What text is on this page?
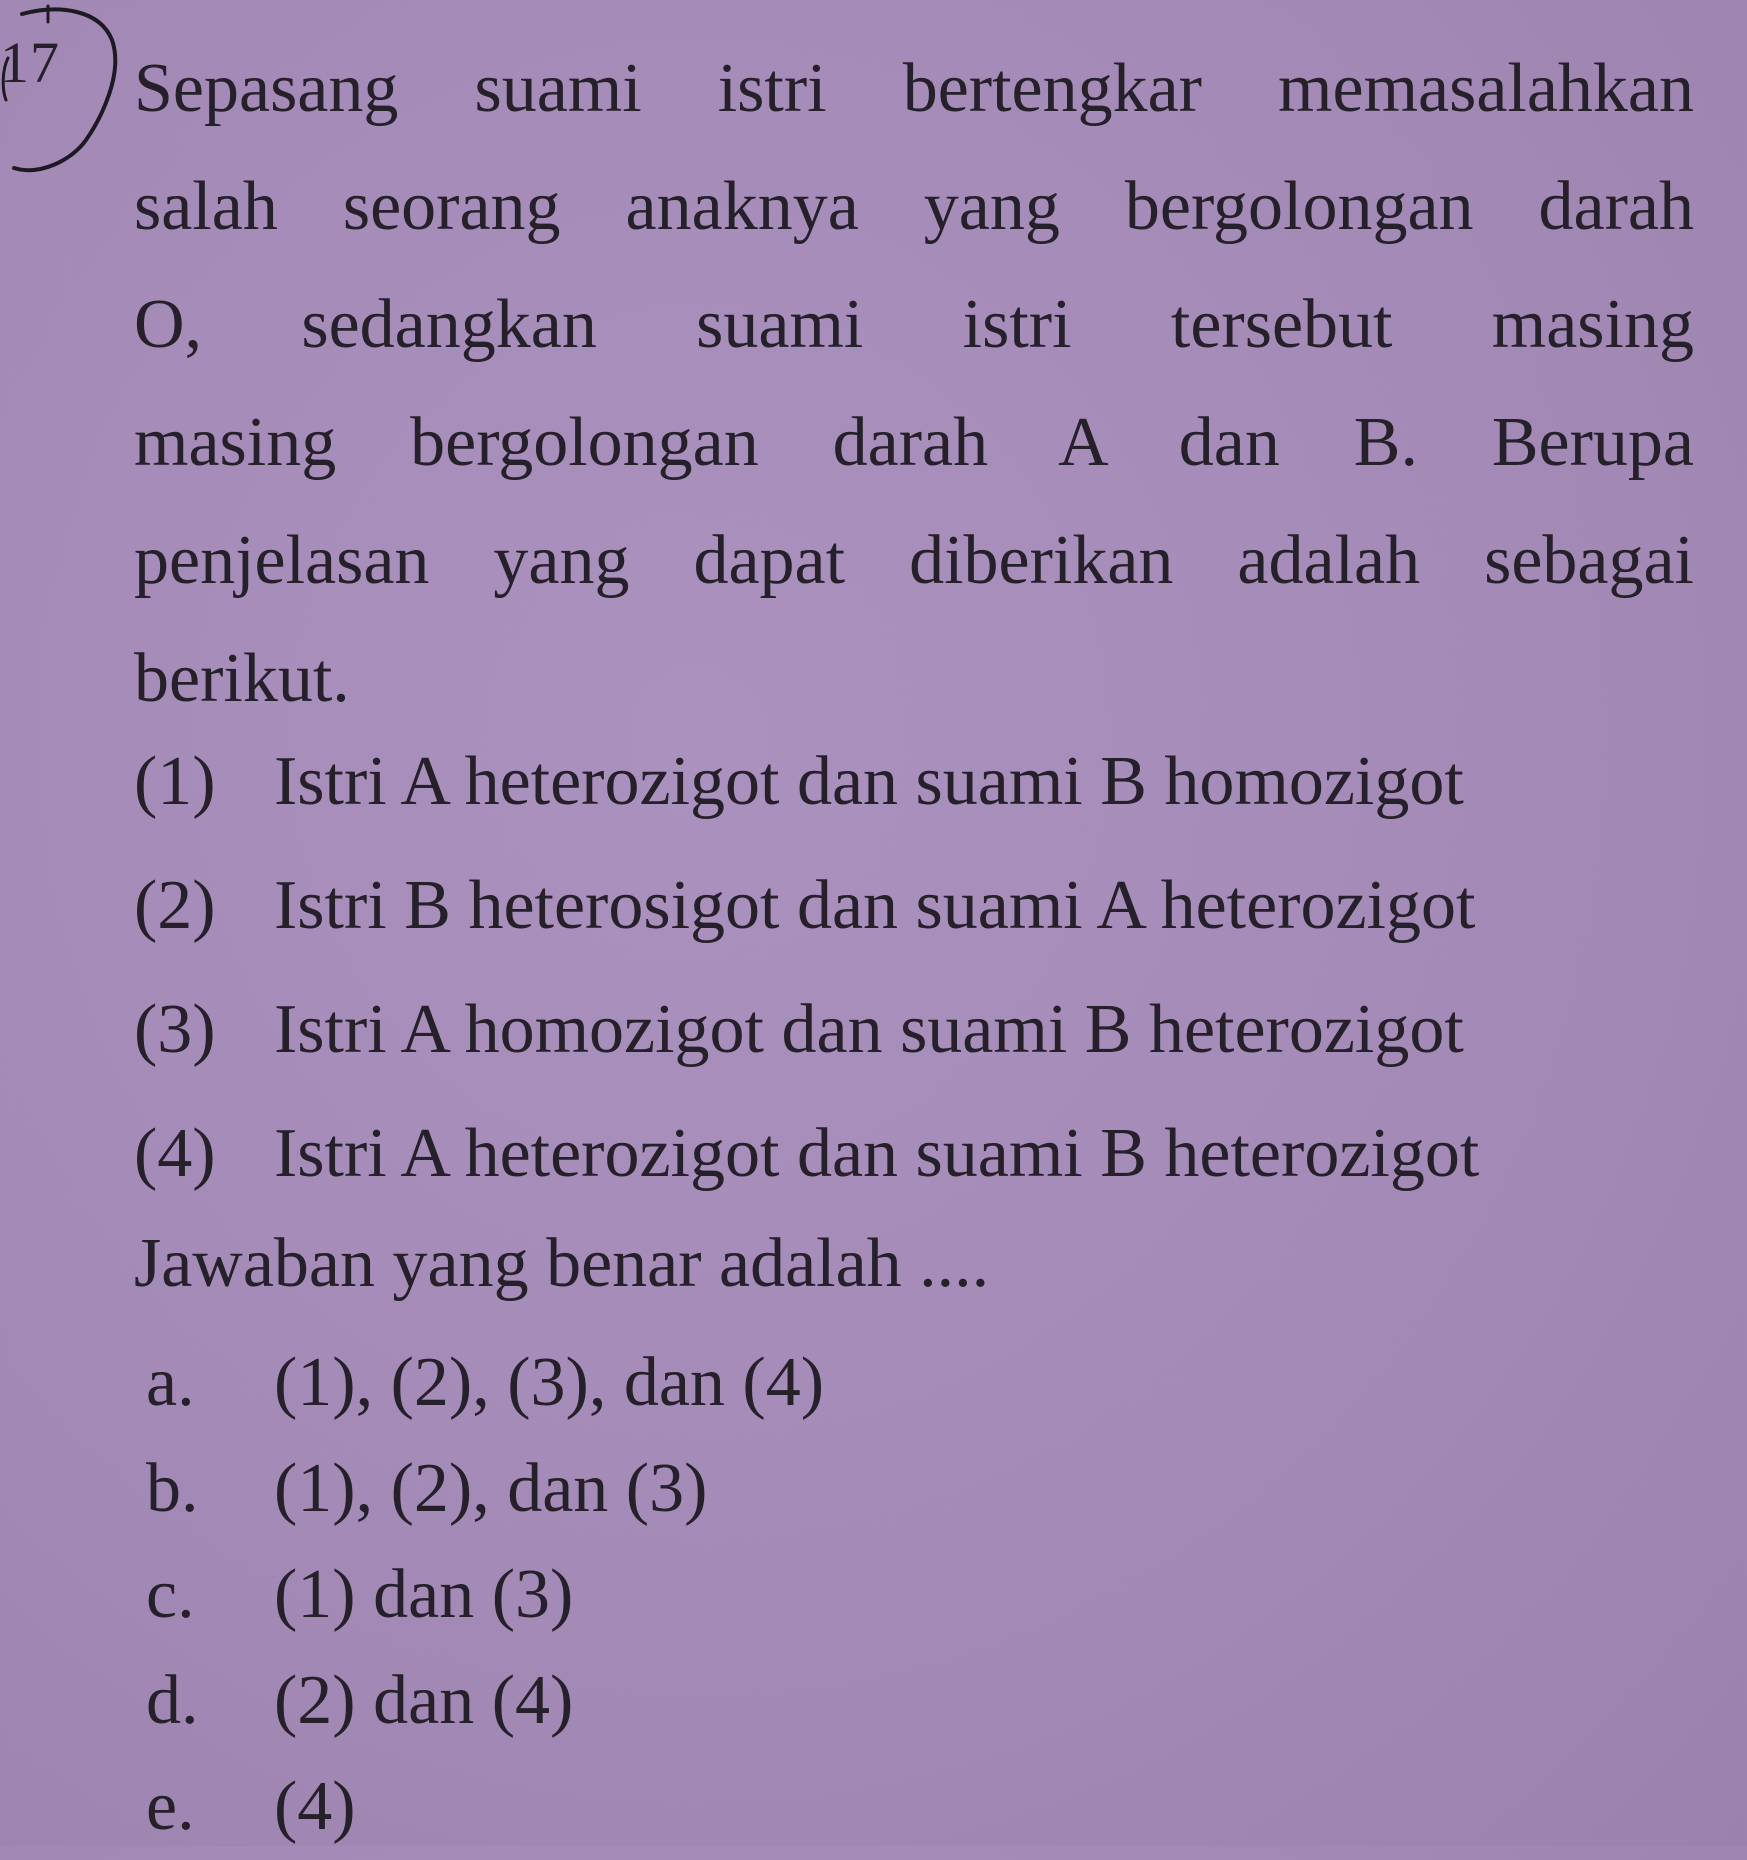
17 Sepasang suami istri bertengkar memasalahkan
salah seorang anaknya yang bergolongan darah
O, sedangkan suami istri tersebut masing
masing bergolongan darah A dan B. Berupa
penjelasan yang dapat diberikan adalah sebagai
berikut.
(1) Istri A heterozigot dan suami B homozigot
(2) Istri B heterosigot dan suami A heterozigot
(3) Istri A homozigot dan suami B heterozigot
(4) Istri A heterozigot dan suami B heterozigot
Jawaban yang benar adalah ....
a. (1), (2), (3), dan (4)
b. (1), (2), dan (3)
c. (1) dan (3)
d. (2) dan (4)
e. (4)
